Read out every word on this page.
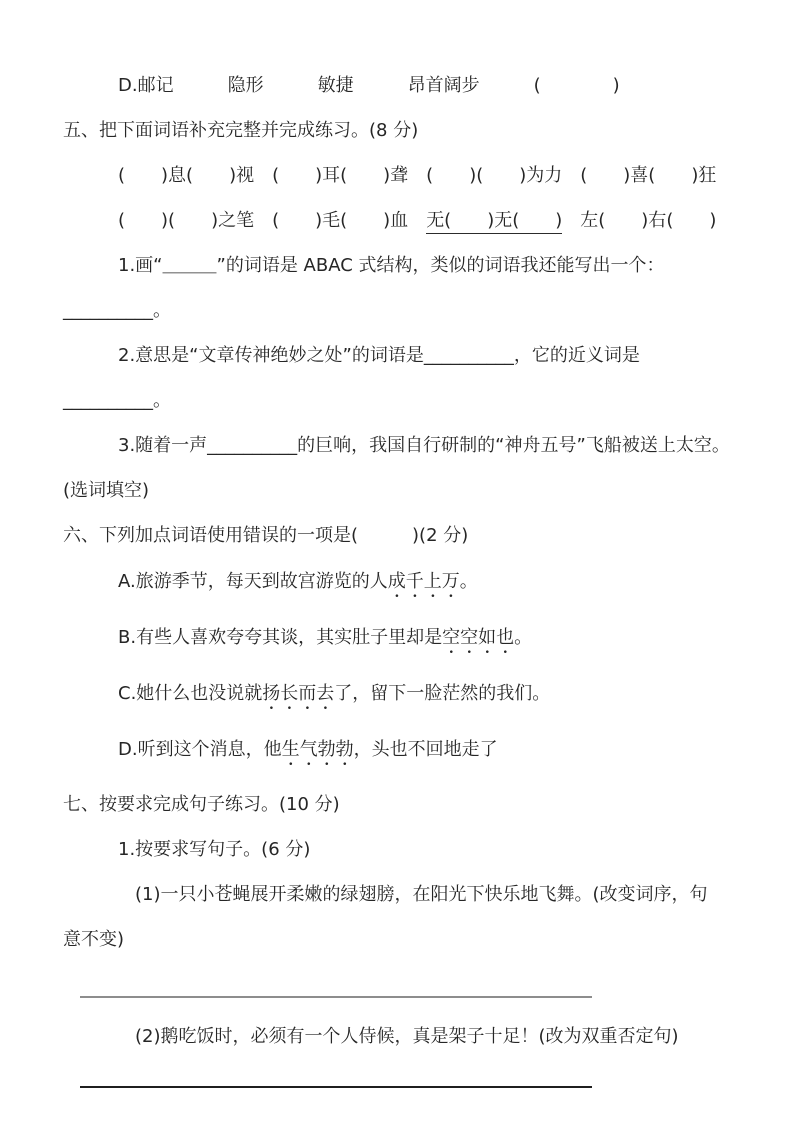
D.邮记　　　隐形　　　敏捷　　　昂首阔步　　　(　　　　)

五、把下面词语补充完整并完成练习。(8 分)

(　　)息(　　)视　(　　)耳(　　)聋　(　　)(　　)为力　(　　)喜(　　)狂

(　　)(　　)之笔　(　　)毛(　　)血　无(　　)无(　　)　左(　　)右(　　)

1.画“＿＿＿”的词语是 ABAC 式结构，类似的词语我还能写出一个：

__________。

2.意思是“文章传神绝妙之处”的词语是__________，它的近义词是

__________。

3.随着一声__________的巨响，我国自行研制的“神舟五号”飞船被送上太空。

(选词填空)

六、下列加点词语使用错误的一项是(　　　)(2 分)

A.旅游季节，每天到故宫游览的人成千上万。

B.有些人喜欢夸夸其谈，其实肚子里却是空空如也。

C.她什么也没说就扬长而去了，留下一脸茫然的我们。

D.听到这个消息，他生气勃勃，头也不回地走了

七、按要求完成句子练习。(10 分)

1.按要求写句子。(6 分)

(1)一只小苍蝇展开柔嫩的绿翅膀，在阳光下快乐地飞舞。(改变词序，句

意不变)

(2)鹅吃饭时，必须有一个人侍候，真是架子十足！(改为双重否定句)
